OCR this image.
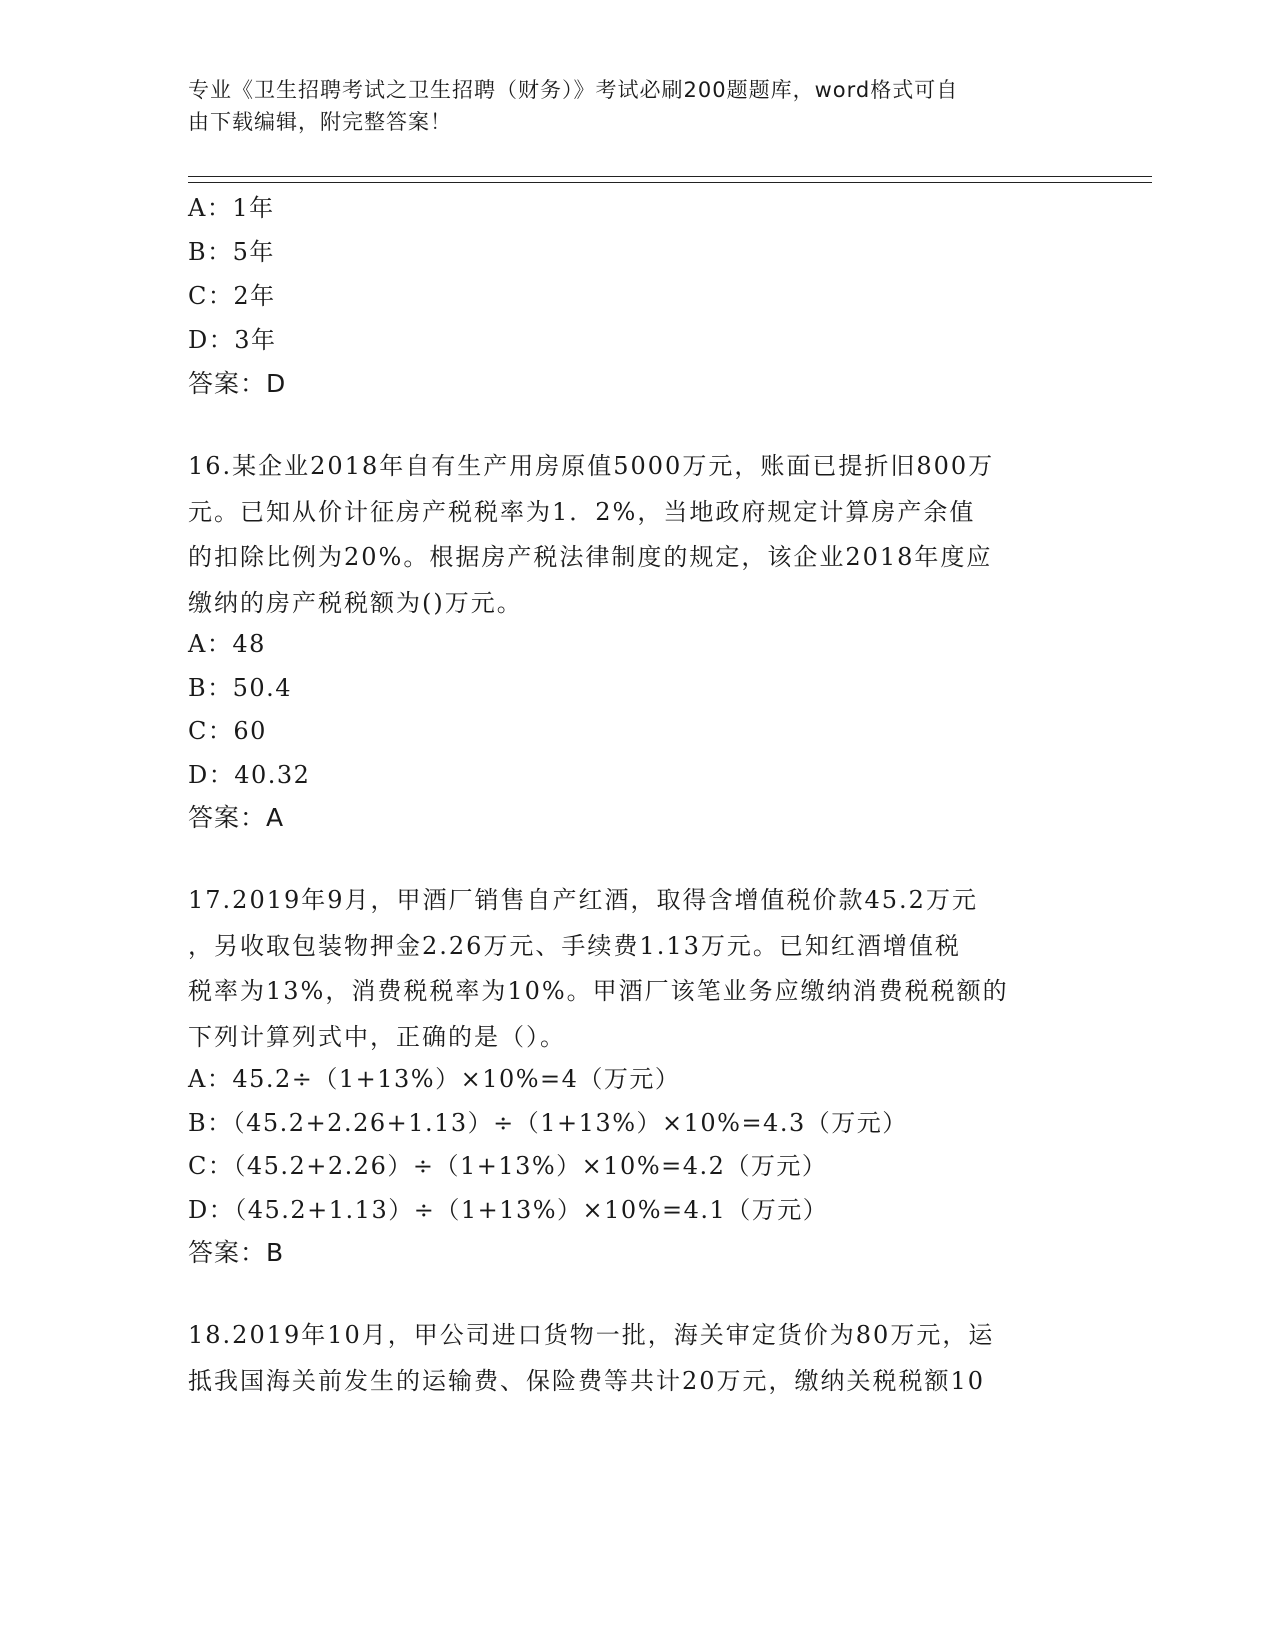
专业《卫生招聘考试之卫生招聘（财务）》考试必刷200题题库，word格式可自
由下载编辑，附完整答案！
A：1年
B：5年
C：2年
D：3年
答案：D
16.某企业2018年自有生产用房原值5000万元，账面已提折旧800万
元。已知从价计征房产税税率为1．2%，当地政府规定计算房产余值
的扣除比例为20%。根据房产税法律制度的规定，该企业2018年度应
缴纳的房产税税额为()万元。
A：48
B：50.4
C：60
D：40.32
答案：A
17.2019年9月，甲酒厂销售自产红酒，取得含增值税价款45.2万元
，另收取包装物押金2.26万元、手续费1.13万元。已知红酒增值税
税率为13%，消费税税率为10%。甲酒厂该笔业务应缴纳消费税税额的
下列计算列式中，正确的是（）。
A：45.2÷（1+13%）×10%=4（万元）
B：（45.2+2.26+1.13）÷（1+13%）×10%=4.3（万元）
C：（45.2+2.26）÷（1+13%）×10%=4.2（万元）
D：（45.2+1.13）÷（1+13%）×10%=4.1（万元）
答案：B
18.2019年10月，甲公司进口货物一批，海关审定货价为80万元，运
抵我国海关前发生的运输费、保险费等共计20万元，缴纳关税税额10
